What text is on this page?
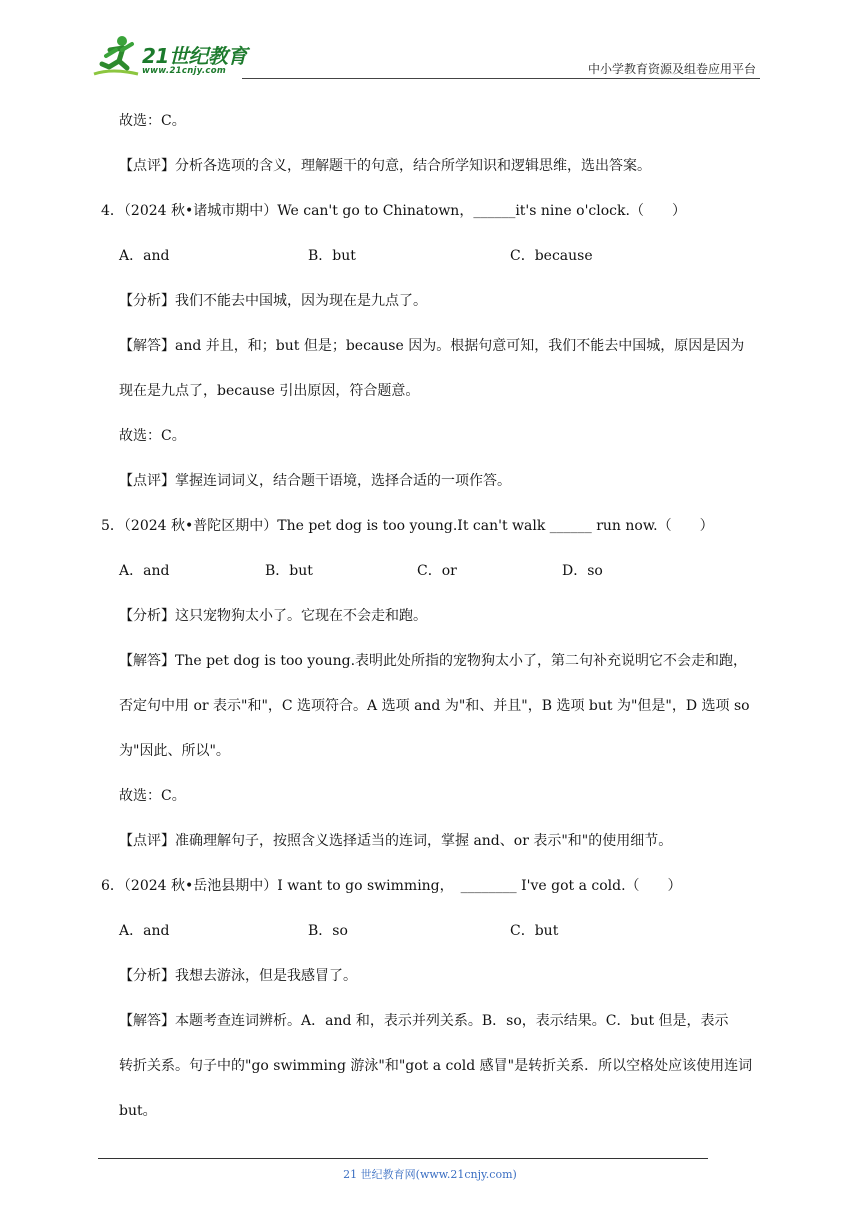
21世纪教育
www.21cnjy.com	中小学教育资源及组卷应用平台
故选：C。
【点评】分析各选项的含义，理解题干的句意，结合所学知识和逻辑思维，选出答案。
4．（2024 秋•诸城市期中）We can't go to Chinatown，______it's nine o'clock.（　　）
A．and	B．but	C．because
【分析】我们不能去中国城，因为现在是九点了。
【解答】and 并且，和；but 但是；because 因为。根据句意可知，我们不能去中国城，原因是因为
现在是九点了，because 引出原因，符合题意。
故选：C。
【点评】掌握连词词义，结合题干语境，选择合适的一项作答。
5．（2024 秋•普陀区期中）The pet dog is too young.It can't walk ______ run now.（　　）
A．and	B．but	C．or	D．so
【分析】这只宠物狗太小了。它现在不会走和跑。
【解答】The pet dog is too young.表明此处所指的宠物狗太小了，第二句补充说明它不会走和跑，
否定句中用 or 表示"和"，C 选项符合。A 选项 and 为"和、并且"，B 选项 but 为"但是"，D 选项 so
为"因此、所以"。
故选：C。
【点评】准确理解句子，按照含义选择适当的连词，掌握 and、or 表示"和"的使用细节。
6．（2024 秋•岳池县期中）I want to go swimming，　________ I've got a cold.（　　）
A．and	B．so	C．but
【分析】我想去游泳，但是我感冒了。
【解答】本题考查连词辨析。A．and 和，表示并列关系。B．so，表示结果。C．but 但是，表示
转折关系。句子中的"go swimming 游泳"和"got a cold 感冒"是转折关系．所以空格处应该使用连词
but。
21 世纪教育网(www.21cnjy.com)
